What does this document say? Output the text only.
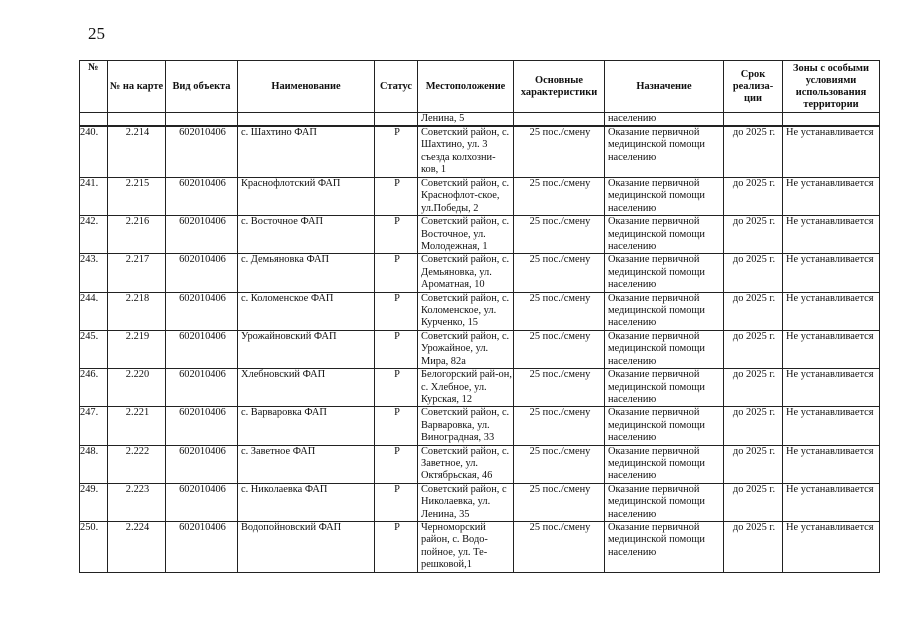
25
№	№ на карте	Вид объекта	Наименование	Статус	Местоположение	Основные характеристики	Назначение	Срок реализа-ции	Зоны с особыми условиями использования территории
					Ленина, 5		населению		
240.	2.214	602010406	с. Шахтино ФАП	Р	Советский район, с. Шахтино, ул. 3 съезда колхозни-ков, 1	25 пос./смену	Оказание первичной медицинской помощи населению	до 2025 г.	Не устанавливается
241.	2.215	602010406	Краснофлотский ФАП	Р	Советский район, с. Краснофлот-ское, ул.Победы, 2	25 пос./смену	Оказание первичной медицинской помощи населению	до 2025 г.	Не устанавливается
242.	2.216	602010406	с. Восточное ФАП	Р	Советский район, с. Восточное, ул. Молодежная, 1	25 пос./смену	Оказание первичной медицинской помощи населению	до 2025 г.	Не устанавливается
243.	2.217	602010406	с. Демьяновка ФАП	Р	Советский район, с. Демьяновка, ул. Ароматная, 10	25 пос./смену	Оказание первичной медицинской помощи населению	до 2025 г.	Не устанавливается
244.	2.218	602010406	с. Коломенское ФАП	Р	Советский район, с. Коломенское, ул. Курченко, 15	25 пос./смену	Оказание первичной медицинской помощи населению	до 2025 г.	Не устанавливается
245.	2.219	602010406	Урожайновский ФАП	Р	Советский район, с. Урожайное, ул. Мира, 82а	25 пос./смену	Оказание первичной медицинской помощи населению	до 2025 г.	Не устанавливается
246.	2.220	602010406	Хлебновский ФАП	Р	Белогорский рай-он, с. Хлебное, ул. Курская, 12	25 пос./смену	Оказание первичной медицинской помощи населению	до 2025 г.	Не устанавливается
247.	2.221	602010406	с. Варваровка ФАП	Р	Советский район, с. Варваровка, ул. Виноградная, 33	25 пос./смену	Оказание первичной медицинской помощи населению	до 2025 г.	Не устанавливается
248.	2.222	602010406	с. Заветное ФАП	Р	Советский район, с. Заветное, ул. Октябрьская, 46	25 пос./смену	Оказание первичной медицинской помощи населению	до 2025 г.	Не устанавливается
249.	2.223	602010406	с. Николаевка ФАП	Р	Советский район, с Николаевка, ул. Ленина, 35	25 пос./смену	Оказание первичной медицинской помощи населению	до 2025 г.	Не устанавливается
250.	2.224	602010406	Водопойновский ФАП	Р	Черноморский район, с. Водо-пойное, ул. Те-решковой,1	25 пос./смену	Оказание первичной медицинской помощи населению	до 2025 г.	Не устанавливается
